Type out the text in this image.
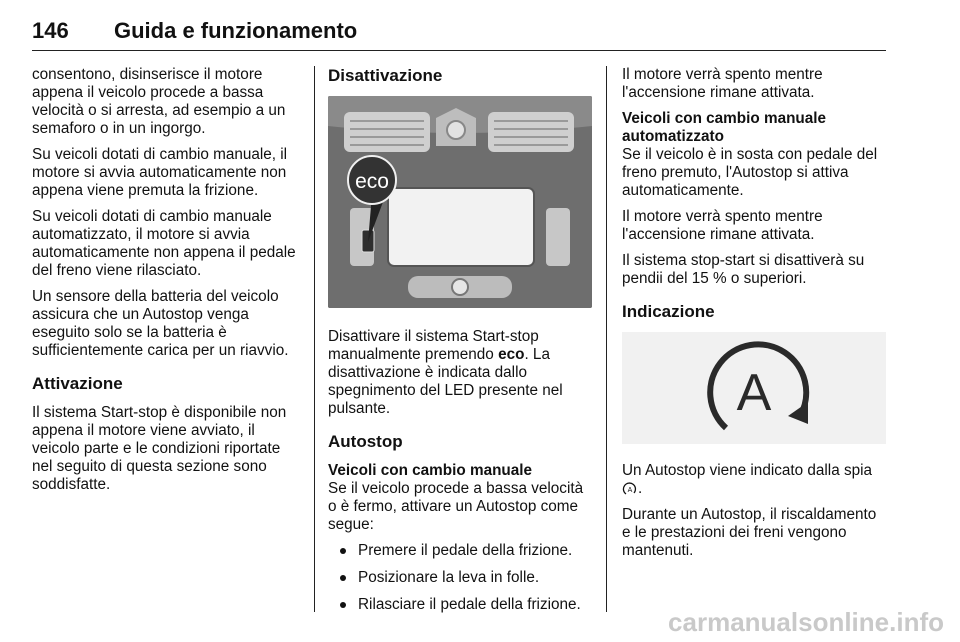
146 Guida e funzionamento

consentono, disinserisce il motore appena il veicolo procede a bassa velocità o si arresta, ad esempio a un semaforo o in un ingorgo.

Su veicoli dotati di cambio manuale, il motore si avvia automaticamente non appena viene premuta la frizione.

Su veicoli dotati di cambio manuale automatizzato, il motore si avvia automaticamente non appena il pedale del freno viene rilasciato.

Un sensore della batteria del veicolo assicura che un Autostop venga eseguito solo se la batteria è sufficientemente carica per un riavvio.

Attivazione

Il sistema Start-stop è disponibile non appena il motore viene avviato, il veicolo parte e le condizioni riportate nel seguito di questa sezione sono soddisfatte.

Disattivazione
eco

Disattivare il sistema Start-stop manualmente premendo eco. La disattivazione è indicata dallo spegnimento del LED presente nel pulsante.

Autostop
Veicoli con cambio manuale

Se il veicolo procede a bassa velocità o è fermo, attivare un Autostop come segue:

Premere il pedale della frizione.
Posizionare la leva in folle.
Rilasciare il pedale della frizione.

Il motore verrà spento mentre l'accensione rimane attivata.

Veicoli con cambio manuale automatizzato

Se il veicolo è in sosta con pedale del freno premuto, l'Autostop si attiva automaticamente.

Il motore verrà spento mentre l'accensione rimane attivata.

Il sistema stop-start si disattiverà su pendii del 15 % o superiori.

Indicazione
A

Un Autostop viene indicato dalla spia
A .

Durante un Autostop, il riscaldamento e le prestazioni dei freni vengono mantenuti.

carmanualsonline.info
